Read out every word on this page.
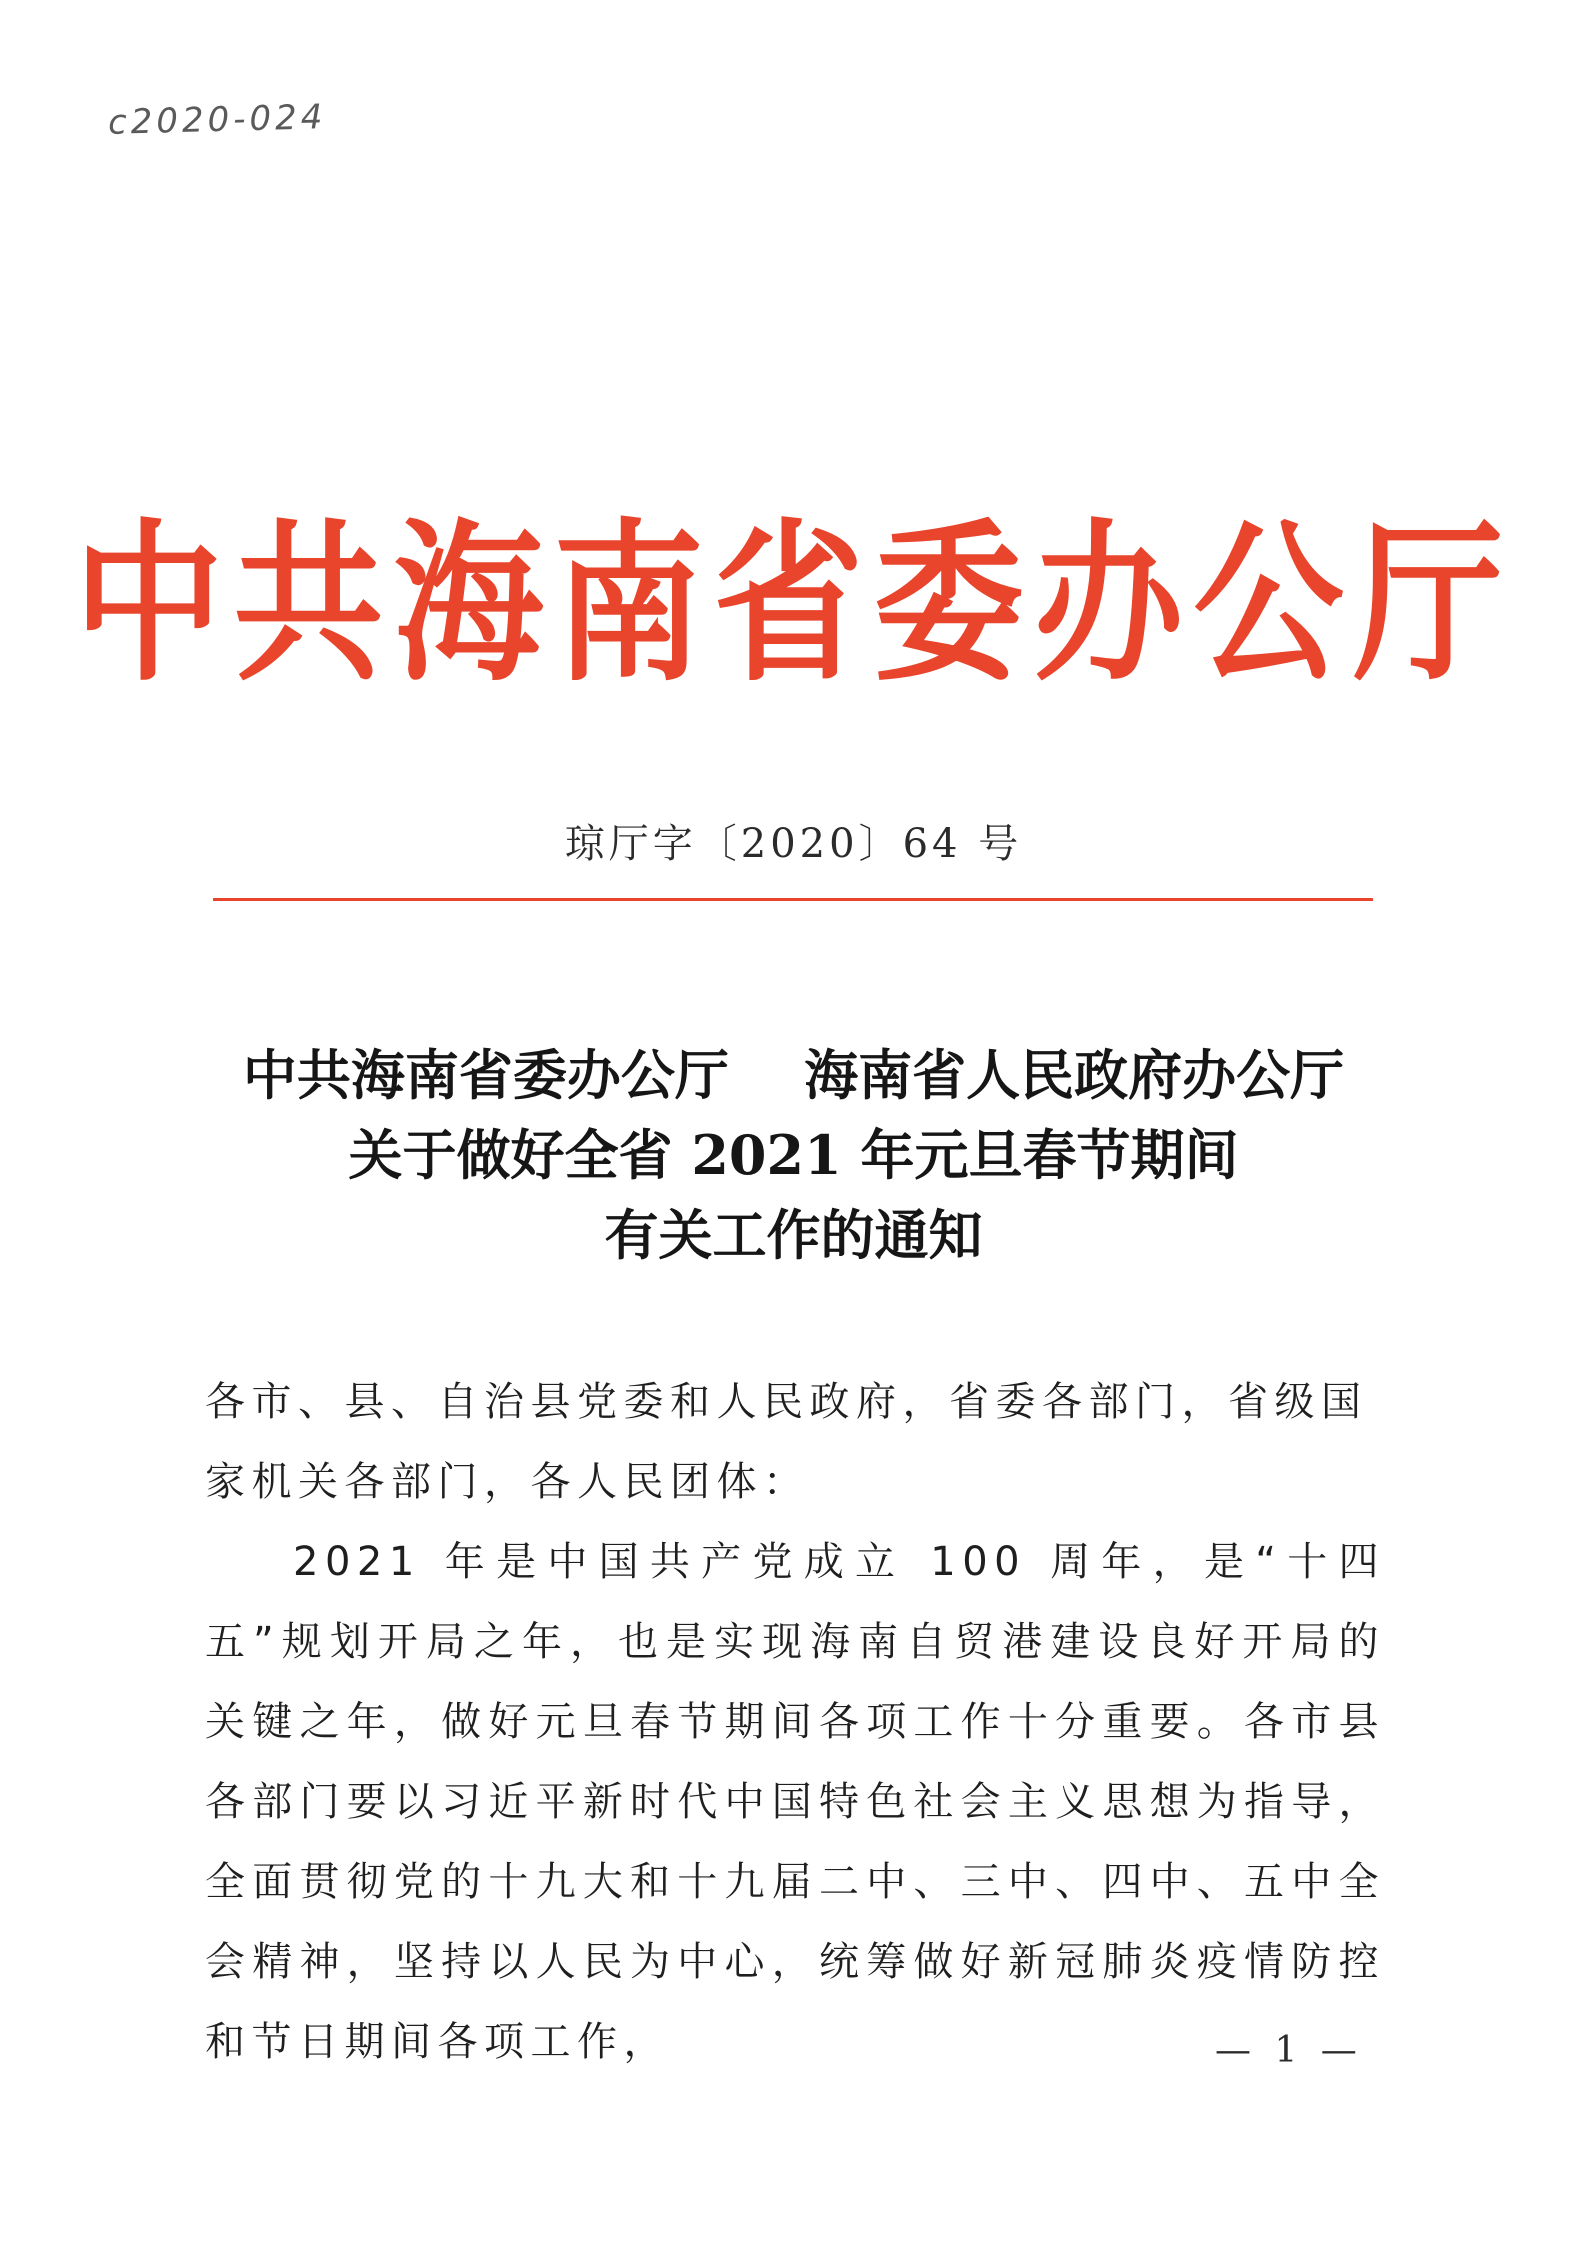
c2020-024
中共海南省委办公厅
琼厅字〔2020〕64 号
中共海南省委办公厅    海南省人民政府办公厅
关于做好全省 2021 年元旦春节期间
有关工作的通知

各市、县、自治县党委和人民政府，省委各部门，省级国家机关各部门，各人民团体：

2021 年是中国共产党成立 100 周年，是“十四五”规划开局之年，也是实现海南自贸港建设良好开局的关键之年，做好元旦春节期间各项工作十分重要。各市县各部门要以习近平新时代中国特色社会主义思想为指导，全面贯彻党的十九大和十九届二中、三中、四中、五中全会精神，坚持以人民为中心，统筹做好新冠肺炎疫情防控和节日期间各项工作，	— 1 —
